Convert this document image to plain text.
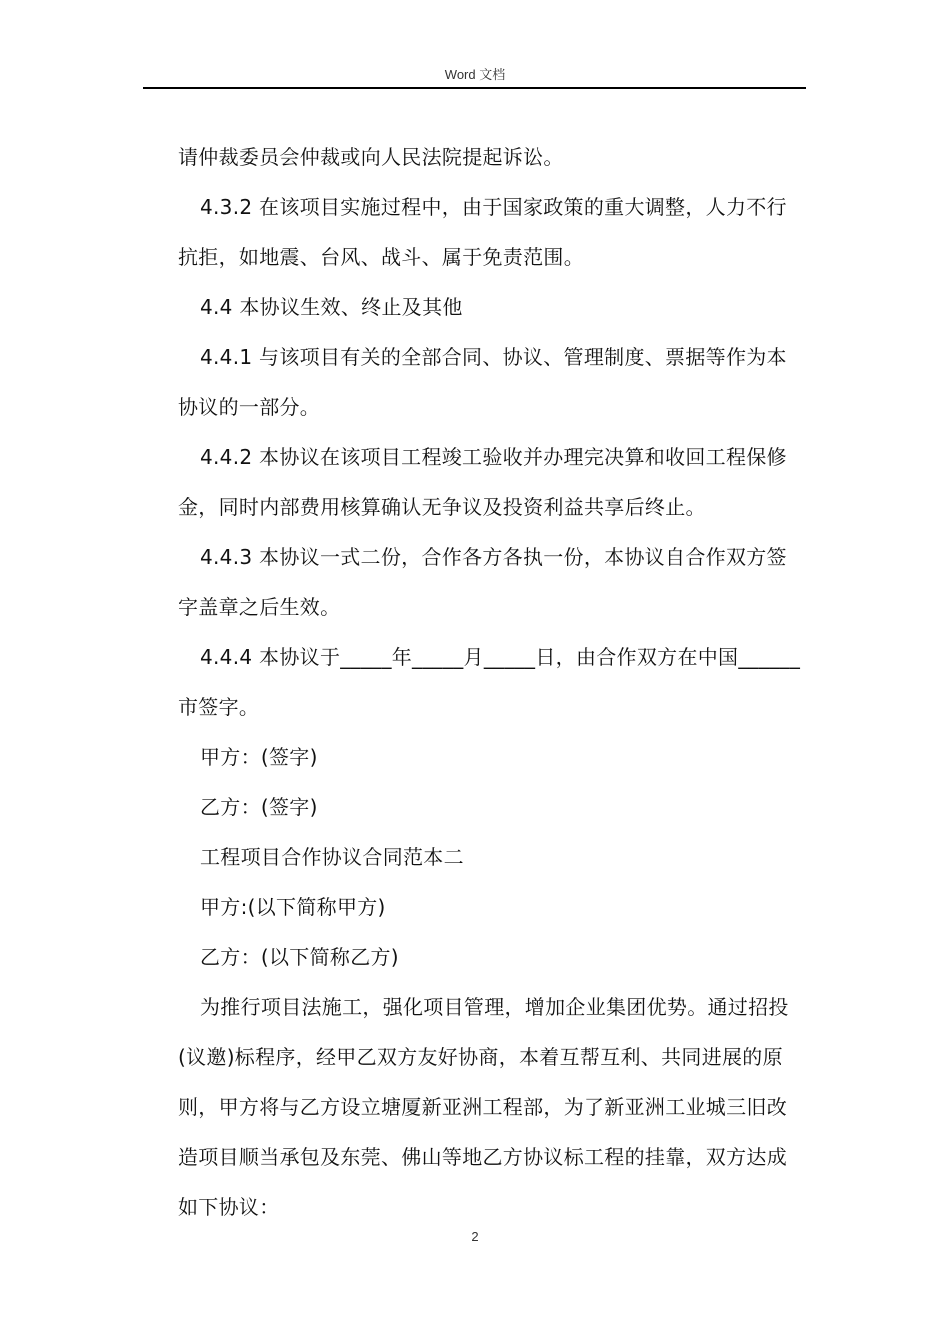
Word 文档

请仲裁委员会仲裁或向人民法院提起诉讼。

4.3.2 在该项目实施过程中，由于国家政策的重大调整，人力不行抗拒，如地震、台风、战斗、属于免责范围。

4.4 本协议生效、终止及其他

4.4.1 与该项目有关的全部合同、协议、管理制度、票据等作为本协议的一部分。

4.4.2 本协议在该项目工程竣工验收并办理完决算和收回工程保修金，同时内部费用核算确认无争议及投资利益共享后终止。

4.4.3 本协议一式二份，合作各方各执一份，本协议自合作双方签字盖章之后生效。

4.4.4 本协议于_____年_____月_____日，由合作双方在中国______市签字。

甲方：(签字)

乙方：(签字)

工程项目合作协议合同范本二

甲方:(以下简称甲方)

乙方：(以下简称乙方)

为推行项目法施工，强化项目管理，增加企业集团优势。通过招投(议邀)标程序，经甲乙双方友好协商，本着互帮互利、共同进展的原则，甲方将与乙方设立塘厦新亚洲工程部，为了新亚洲工业城三旧改造项目顺当承包及东莞、佛山等地乙方协议标工程的挂靠，双方达成如下协议：

2
